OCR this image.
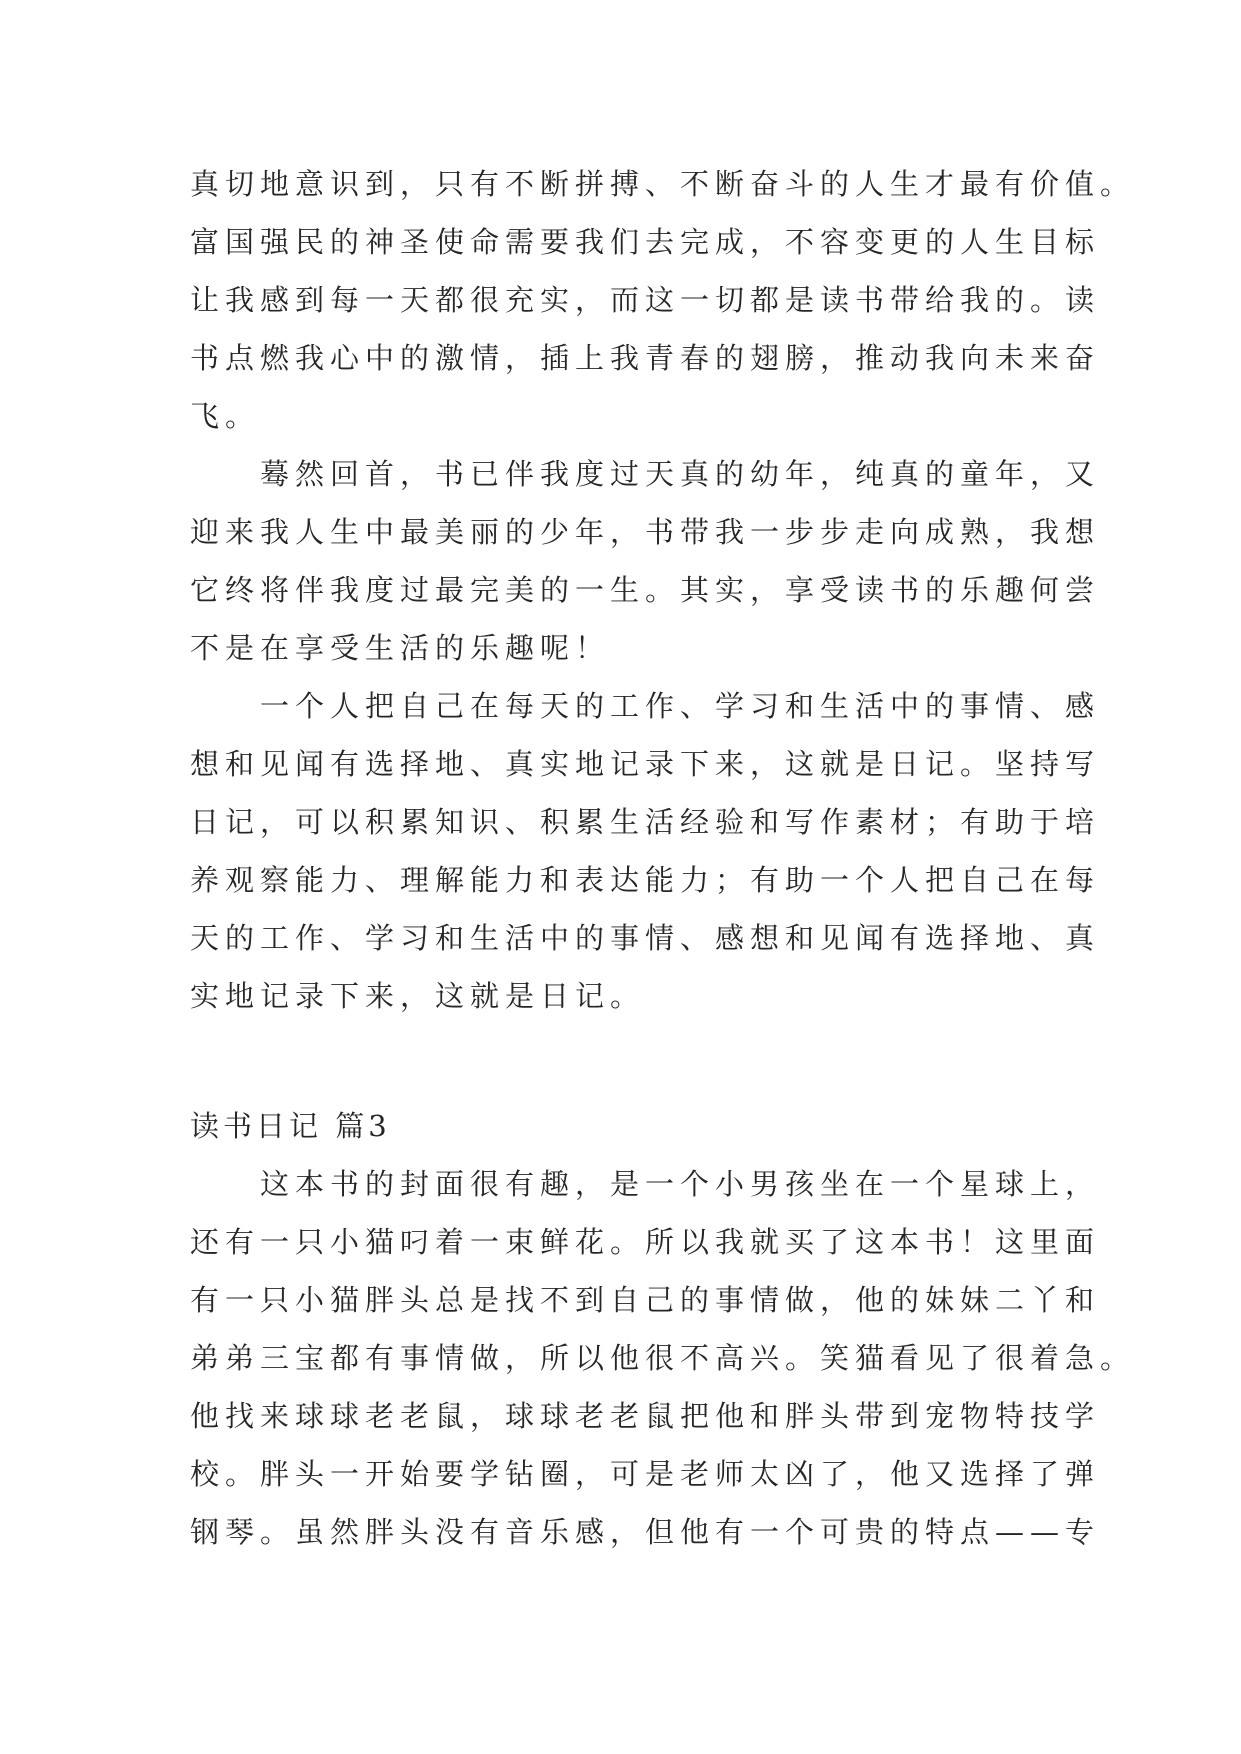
真切地意识到，只有不断拼搏、不断奋斗的人生才最有价值。
富国强民的神圣使命需要我们去完成，不容变更的人生目标
让我感到每一天都很充实，而这一切都是读书带给我的。读
书点燃我心中的激情，插上我青春的翅膀，推动我向未来奋
飞。
蓦然回首，书已伴我度过天真的幼年，纯真的童年，又
迎来我人生中最美丽的少年，书带我一步步走向成熟，我想
它终将伴我度过最完美的一生。其实，享受读书的乐趣何尝
不是在享受生活的乐趣呢！
一个人把自己在每天的工作、学习和生活中的事情、感
想和见闻有选择地、真实地记录下来，这就是日记。坚持写
日记，可以积累知识、积累生活经验和写作素材；有助于培
养观察能力、理解能力和表达能力；有助一个人把自己在每
天的工作、学习和生活中的事情、感想和见闻有选择地、真
实地记录下来，这就是日记。
读书日记 篇3
这本书的封面很有趣，是一个小男孩坐在一个星球上，
还有一只小猫叼着一束鲜花。所以我就买了这本书！这里面
有一只小猫胖头总是找不到自己的事情做，他的妹妹二丫和
弟弟三宝都有事情做，所以他很不高兴。笑猫看见了很着急。
他找来球球老老鼠，球球老老鼠把他和胖头带到宠物特技学
校。胖头一开始要学钻圈，可是老师太凶了，他又选择了弹
钢琴。虽然胖头没有音乐感，但他有一个可贵的特点——专
